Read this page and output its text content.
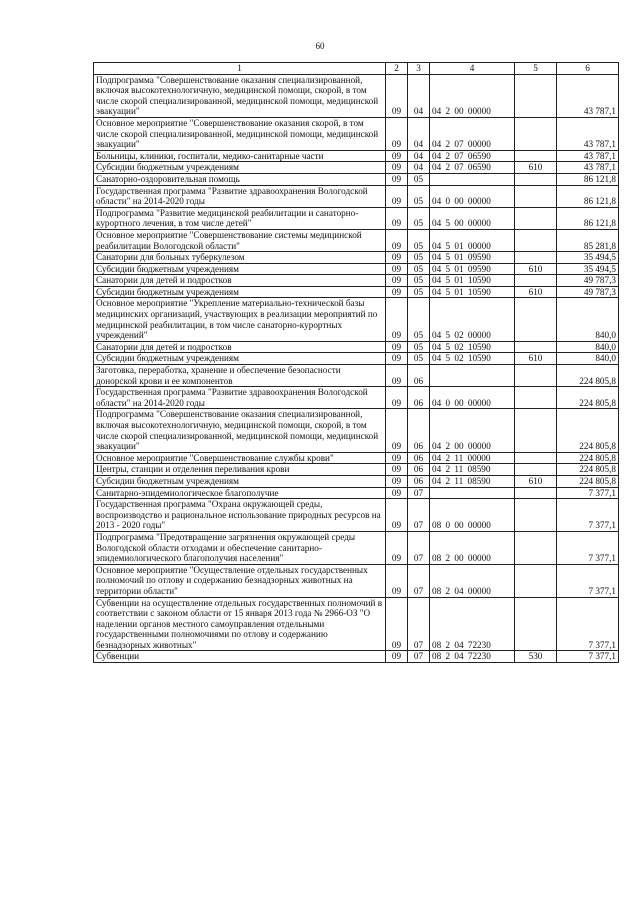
60
1	2	3	4	5	6
Подпрограмма "Совершенствование оказания специализированной, включая высокотехнологичную, медицинской помощи, скорой, в том числе скорой специализированной, медицинской помощи, медицинской эвакуации"	09	04	04 2 00 00000		43 787,1
Основное мероприятие "Совершенствование оказания скорой, в том числе скорой специализированной, медицинской помощи, медицинской эвакуации"	09	04	04 2 07 00000		43 787,1
Больницы, клиники, госпитали, медико-санитарные части	09	04	04 2 07 06590		43 787,1
Субсидии бюджетным учреждениям	09	04	04 2 07 06590	610	43 787,1
Санаторно-оздоровительная помощь	09	05			86 121,8
Государственная программа "Развитие здравоохранения Вологодской области" на 2014-2020 годы	09	05	04 0 00 00000		86 121,8
Подпрограмма "Развитие медицинской реабилитации и санаторно-курортного лечения, в том числе детей"	09	05	04 5 00 00000		86 121,8
Основное мероприятие "Совершенствование системы медицинской реабилитации Вологодской области"	09	05	04 5 01 00000		85 281,8
Санатории для больных туберкулезом	09	05	04 5 01 09590		35 494,5
Субсидии бюджетным учреждениям	09	05	04 5 01 09590	610	35 494,5
Санатории для детей и подростков	09	05	04 5 01 10590		49 787,3
Субсидии бюджетным учреждениям	09	05	04 5 01 10590	610	49 787,3
Основное мероприятие "Укрепление материально-технической базы медицинских организаций, участвующих в реализации мероприятий по медицинской реабилитации, в том числе санаторно-курортных учреждений"	09	05	04 5 02 00000		840,0
Санатории для детей и подростков	09	05	04 5 02 10590		840,0
Субсидии бюджетным учреждениям	09	05	04 5 02 10590	610	840,0
Заготовка, переработка, хранение и обеспечение безопасности донорской крови и ее компонентов	09	06			224 805,8
Государственная программа "Развитие здравоохранения Вологодской области" на 2014-2020 годы	09	06	04 0 00 00000		224 805,8
Подпрограмма "Совершенствование оказания специализированной, включая высокотехнологичную, медицинской помощи, скорой, в том числе скорой специализированной, медицинской помощи, медицинской эвакуации"	09	06	04 2 00 00000		224 805,8
Основное мероприятие "Совершенствование службы крови"	09	06	04 2 11 00000		224 805,8
Центры, станции и отделения переливания крови	09	06	04 2 11 08590		224 805,8
Субсидии бюджетным учреждениям	09	06	04 2 11 08590	610	224 805,8
Санитарно-эпидемиологическое благополучие	09	07			7 377,1
Государственная программа "Охрана окружающей среды, воспроизводство и рациональное использование природных ресурсов на 2013 - 2020 годы"	09	07	08 0 00 00000		7 377,1
Подпрограмма "Предотвращение загрязнения окружающей среды Вологодской области отходами и обеспечение санитарно-эпидемиологического благополучия населения"	09	07	08 2 00 00000		7 377,1
Основное мероприятие "Осуществление отдельных государственных полномочий по отлову и содержанию безнадзорных животных на территории области"	09	07	08 2 04 00000		7 377,1
Субвенции на осуществление отдельных государственных полномочий в соответствии с законом области от 15 января 2013 года № 2966-ОЗ "О наделении органов местного самоуправления отдельными государственными полномочиями по отлову и содержанию безнадзорных животных"	09	07	08 2 04 72230		7 377,1
Субвенции	09	07	08 2 04 72230	530	7 377,1
